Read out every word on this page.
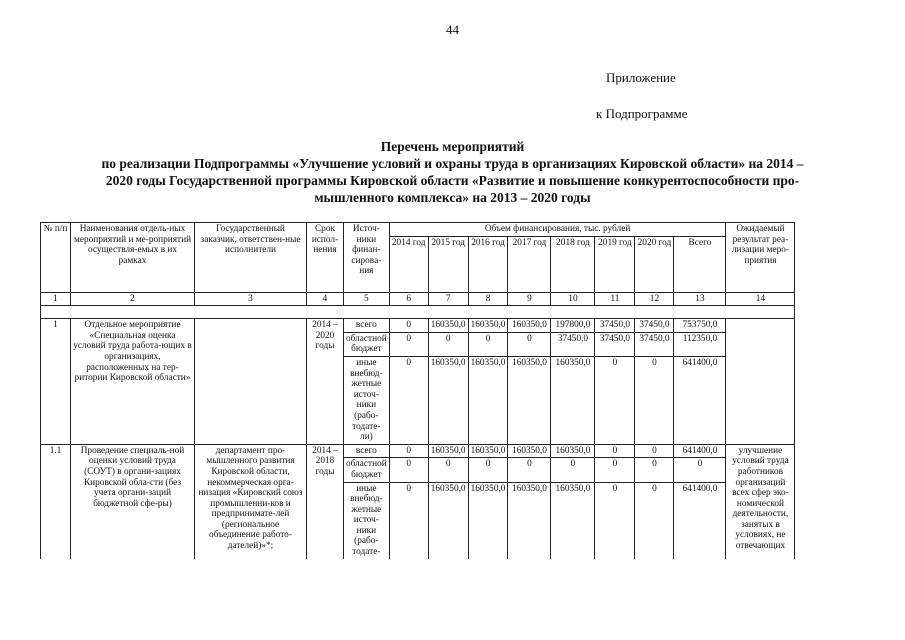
44
Приложение
к Подпрограмме
Перечень мероприятий
по реализации Подпрограммы «Улучшение условий и охраны труда в организациях Кировской области» на 2014 –
2020 годы Государственной программы Кировской области «Развитие и повышение конкурентоспособности про-
мышленного комплекса» на 2013 – 2020 годы
№ п/п	Наименования отдель-ных мероприятий и ме-роприятий осуществля-емых в их рамках	Государственный заказчик, ответствен-ные исполнители	Срок испол-нения	Источ-ники финан-сирова-ния	Объем финансирования, тыс. рублей								Ожидаемый результат реа-лизации меро-приятия
					2014 год	2015 год	2016 год	2017 год	2018 год	2019 год	2020 год	Всего	
1	2	3	4	5	6	7	8	9	10	11	12	13	14

1	Отдельное мероприятие «Специальная оценка условий труда работа-ющих в организациях, расположенных на тер-ритории Кировской области»		2014 – 2020 годы	всего	0	160350,0	160350,0	160350,0	197800,0	37450,0	37450,0	753750,0	
				областной бюджет	0	0	0	0	37450,0	37450,0	37450,0	112350,0	
				иные внебюд-жетные источ-ники (рабо-тодате-ли)	0	160350,0	160350,0	160350,0	160350,0	0	0	641400,0	
1.1	Проведение специаль-ной оценки условий труда (СОУТ) в органи-зациях Кировской обла-сти (без учета органи-заций бюджетной сфе-ры)	департамент про-мышленного развития Кировской области, некоммерческая орга-низация «Кировский союз промышленни-ков и предпринимате-лей (региональное объединение работо-дателей)»*;	2014 – 2018 годы	всего	0	160350,0	160350,0	160350,0	160350,0	0	0	641400,0	улучшение условий труда работников организаций всех сфер эко-номической деятельности, занятых в условиях, не отвечающих
				областной бюджет	0	0	0	0	0	0	0	0	
				иные внебюд-жетные источ-ники (рабо-тодате-	0	160350,0	160350,0	160350,0	160350,0	0	0	641400,0	
